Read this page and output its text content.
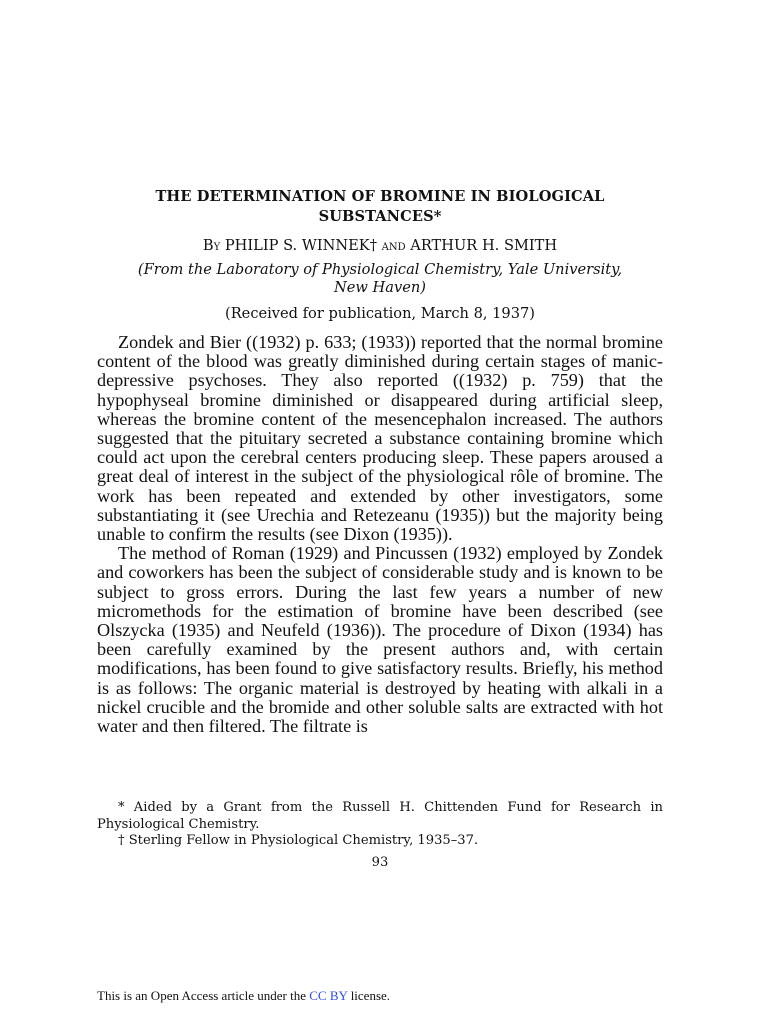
THE DETERMINATION OF BROMINE IN BIOLOGICAL
SUBSTANCES*
By PHILIP S. WINNEK† and ARTHUR H. SMITH
(From the Laboratory of Physiological Chemistry, Yale University,
New Haven)
(Received for publication, March 8, 1937)

Zondek and Bier ((1932) p. 633; (1933)) reported that the normal bromine content of the blood was greatly diminished during certain stages of manic-depressive psychoses. They also reported ((1932) p. 759) that the hypophyseal bromine diminished or disappeared during artificial sleep, whereas the bromine content of the mesencephalon increased. The authors suggested that the pituitary secreted a substance containing bromine which could act upon the cerebral centers producing sleep. These papers aroused a great deal of interest in the subject of the physiological rôle of bromine. The work has been repeated and extended by other investigators, some substantiating it (see Urechia and Retezeanu (1935)) but the majority being unable to confirm the results (see Dixon (1935)).

The method of Roman (1929) and Pincussen (1932) employed by Zondek and coworkers has been the subject of considerable study and is known to be subject to gross errors. During the last few years a number of new micromethods for the estimation of bromine have been described (see Olszycka (1935) and Neufeld (1936)). The procedure of Dixon (1934) has been carefully examined by the present authors and, with certain modifications, has been found to give satisfactory results. Briefly, his method is as follows: The organic material is destroyed by heating with alkali in a nickel crucible and the bromide and other soluble salts are extracted with hot water and then filtered. The filtrate is

* Aided by a Grant from the Russell H. Chittenden Fund for Research in Physiological Chemistry.

† Sterling Fellow in Physiological Chemistry, 1935–37.

93
This is an Open Access article under the CC BY license.
